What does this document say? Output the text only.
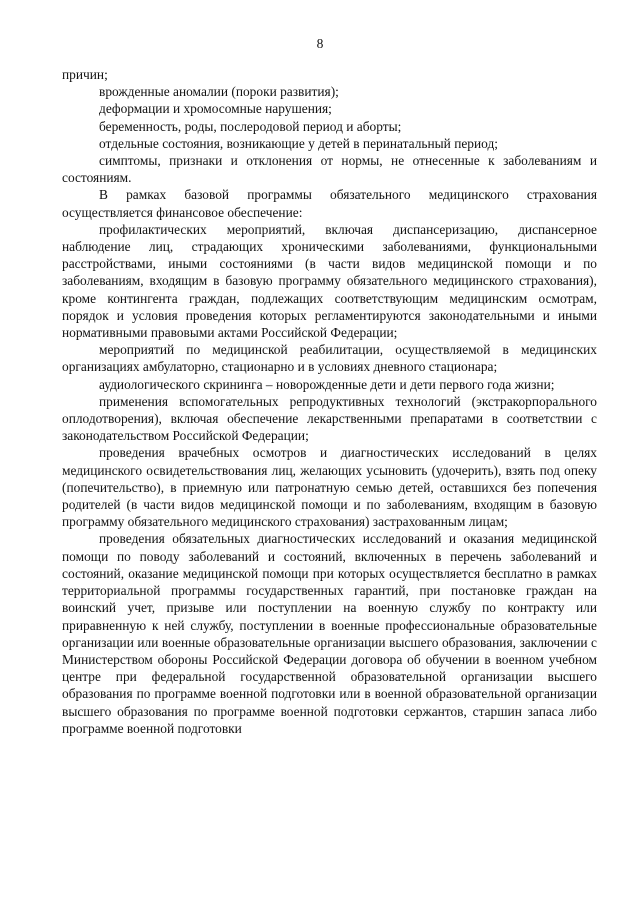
8

причин;

врожденные аномалии (пороки развития);

деформации и хромосомные нарушения;

беременность, роды, послеродовой период и аборты;

отдельные состояния, возникающие у детей в перинатальный период;

симптомы, признаки и отклонения от нормы, не отнесенные к заболеваниям и состояниям.

В рамках базовой программы обязательного медицинского страхования осуществляется финансовое обеспечение:

профилактических мероприятий, включая диспансеризацию, диспансерное наблюдение лиц, страдающих хроническими заболеваниями, функциональными расстройствами, иными состояниями (в части видов медицинской помощи и по заболеваниям, входящим в базовую программу обязательного медицинского страхования), кроме контингента граждан, подлежащих соответствующим медицинским осмотрам, порядок и условия проведения которых регламентируются законодательными и иными нормативными правовыми актами Российской Федерации;

мероприятий по медицинской реабилитации, осуществляемой в медицинских организациях амбулаторно, стационарно и в условиях дневного стационара;

аудиологического скрининга – новорожденные дети и дети первого года жизни;

применения вспомогательных репродуктивных технологий (экстракорпорального оплодотворения), включая обеспечение лекарственными препаратами в соответствии с законодательством Российской Федерации;

проведения врачебных осмотров и диагностических исследований в целях медицинского освидетельствования лиц, желающих усыновить (удочерить), взять под опеку (попечительство), в приемную или патронатную семью детей, оставшихся без попечения родителей (в части видов медицинской помощи и по заболеваниям, входящим в базовую программу обязательного медицинского страхования) застрахованным лицам;

проведения обязательных диагностических исследований и оказания медицинской помощи по поводу заболеваний и состояний, включенных в перечень заболеваний и состояний, оказание медицинской помощи при которых осуществляется бесплатно в рамках территориальной программы государственных гарантий, при постановке граждан на воинский учет, призыве или поступлении на военную службу по контракту или приравненную к ней службу, поступлении в военные профессиональные образовательные организации или военные образовательные организации высшего образования, заключении с Министерством обороны Российской Федерации договора об обучении в военном учебном центре при федеральной государственной образовательной организации высшего образования по программе военной подготовки или в военной образовательной организации высшего образования по программе военной подготовки сержантов, старшин запаса либо программе военной подготовки
